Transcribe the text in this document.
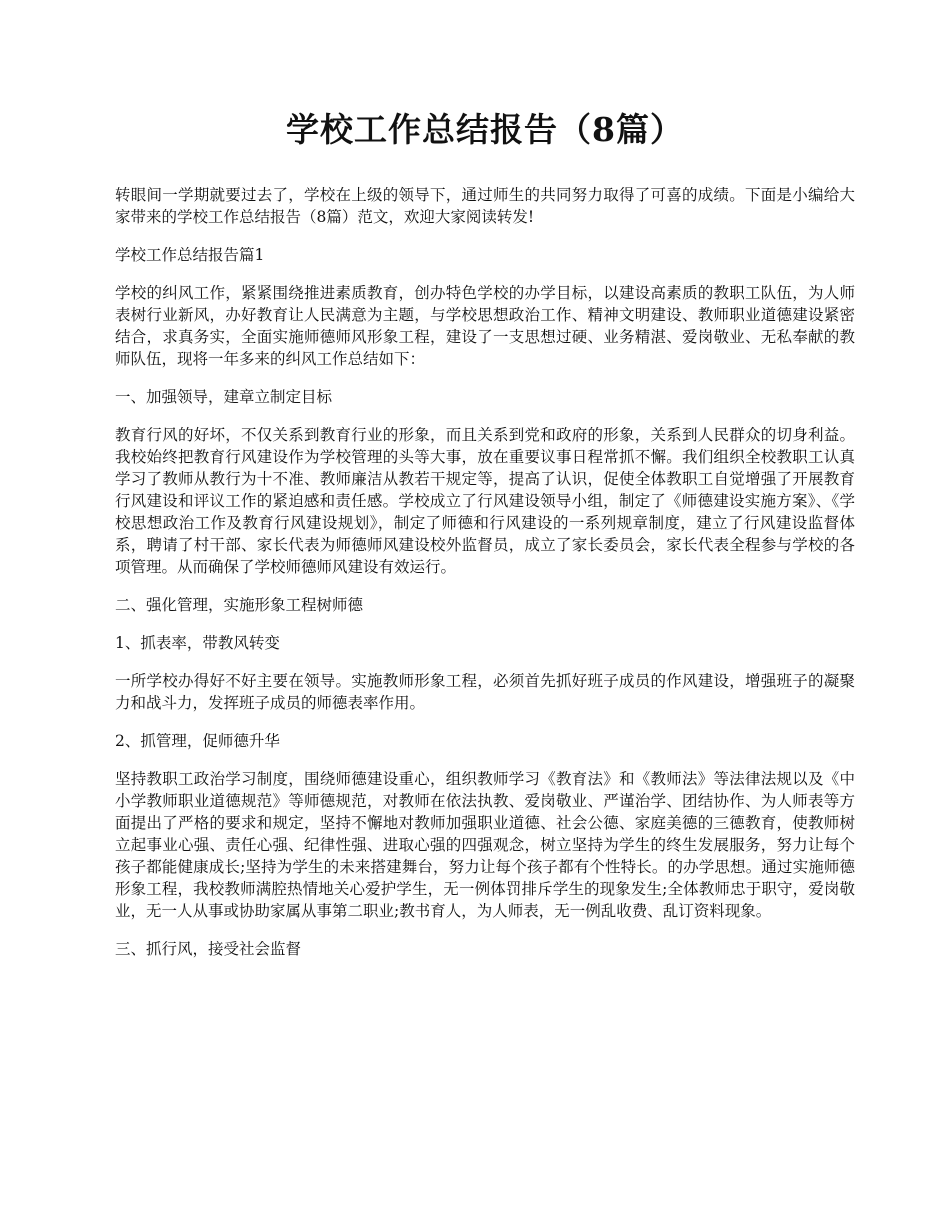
学校工作总结报告（8篇）

转眼间一学期就要过去了，学校在上级的领导下，通过师生的共同努力取得了可喜的成绩。下面是小编给大家带来的学校工作总结报告（8篇）范文，欢迎大家阅读转发!

学校工作总结报告篇1

学校的纠风工作，紧紧围绕推进素质教育，创办特色学校的办学目标，以建设高素质的教职工队伍，为人师表树行业新风，办好教育让人民满意为主题，与学校思想政治工作、精神文明建设、教师职业道德建设紧密结合，求真务实，全面实施师德师风形象工程，建设了一支思想过硬、业务精湛、爱岗敬业、无私奉献的教师队伍，现将一年多来的纠风工作总结如下：

一、加强领导，建章立制定目标

教育行风的好坏，不仅关系到教育行业的形象，而且关系到党和政府的形象，关系到人民群众的切身利益。我校始终把教育行风建设作为学校管理的头等大事，放在重要议事日程常抓不懈。我们组织全校教职工认真学习了教师从教行为十不准、教师廉洁从教若干规定等，提高了认识，促使全体教职工自觉增强了开展教育行风建设和评议工作的紧迫感和责任感。学校成立了行风建设领导小组，制定了《师德建设实施方案》、《学校思想政治工作及教育行风建设规划》，制定了师德和行风建设的一系列规章制度，建立了行风建设监督体系，聘请了村干部、家长代表为师德师风建设校外监督员，成立了家长委员会，家长代表全程参与学校的各项管理。从而确保了学校师德师风建设有效运行。

二、强化管理，实施形象工程树师德

1、抓表率，带教风转变

一所学校办得好不好主要在领导。实施教师形象工程，必须首先抓好班子成员的作风建设，增强班子的凝聚力和战斗力，发挥班子成员的师德表率作用。

2、抓管理，促师德升华

坚持教职工政治学习制度，围绕师德建设重心，组织教师学习《教育法》和《教师法》等法律法规以及《中小学教师职业道德规范》等师德规范，对教师在依法执教、爱岗敬业、严谨治学、团结协作、为人师表等方面提出了严格的要求和规定，坚持不懈地对教师加强职业道德、社会公德、家庭美德的三德教育，使教师树立起事业心强、责任心强、纪律性强、进取心强的四强观念，树立坚持为学生的终生发展服务，努力让每个孩子都能健康成长;坚持为学生的未来搭建舞台，努力让每个孩子都有个性特长。的办学思想。通过实施师德形象工程，我校教师满腔热情地关心爱护学生，无一例体罚排斥学生的现象发生;全体教师忠于职守，爱岗敬业，无一人从事或协助家属从事第二职业;教书育人，为人师表，无一例乱收费、乱订资料现象。

三、抓行风，接受社会监督
